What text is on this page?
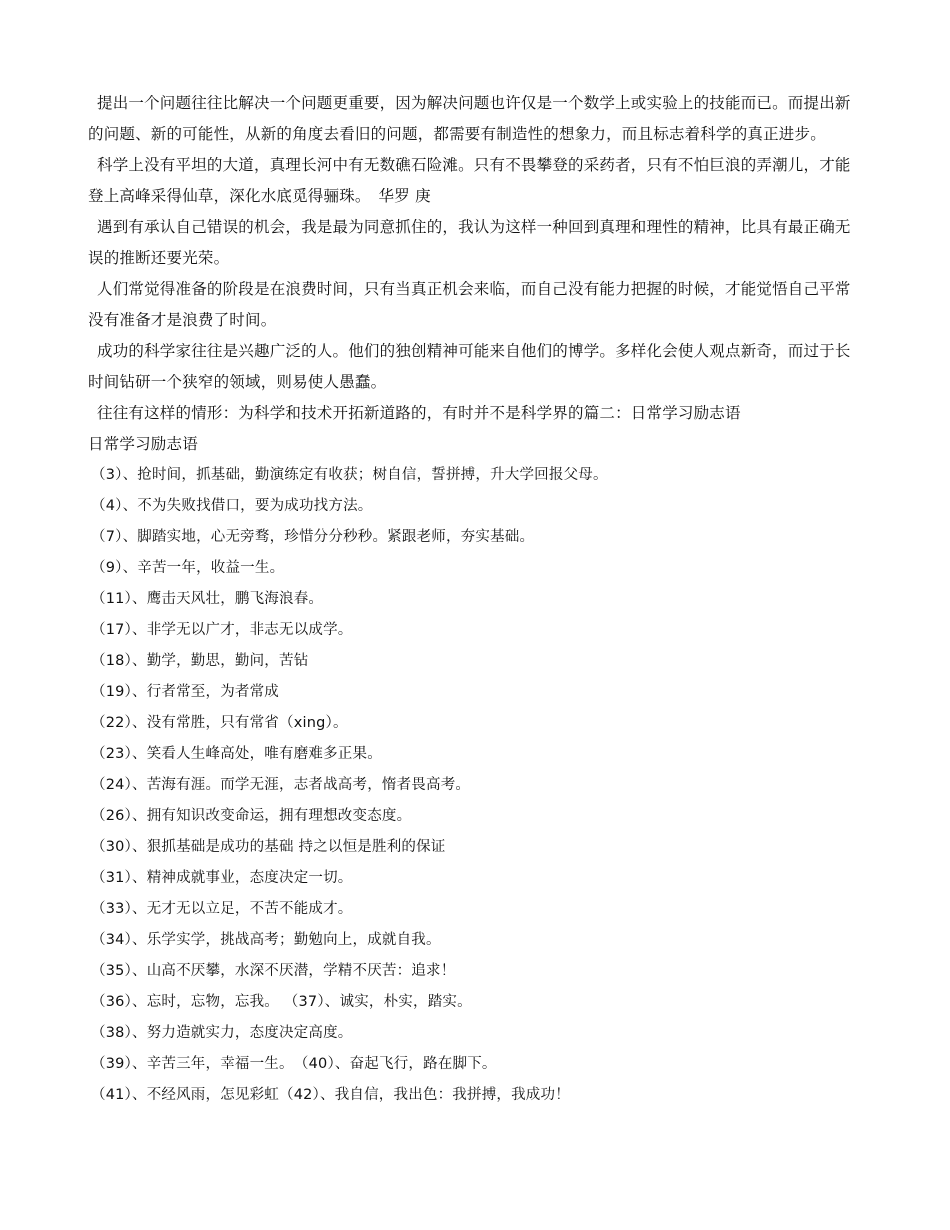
提出一个问题往往比解决一个问题更重要，因为解决问题也许仅是一个数学上或实验上的技能而已。而提出新的问题、新的可能性，从新的角度去看旧的问题，都需要有制造性的想象力，而且标志着科学的真正进步。

科学上没有平坦的大道，真理长河中有无数礁石险滩。只有不畏攀登的采药者，只有不怕巨浪的弄潮儿，才能登上高峰采得仙草，深化水底觅得骊珠。　华罗 庚

遇到有承认自己错误的机会，我是最为同意抓住的，我认为这样一种回到真理和理性的精神，比具有最正确无误的推断还要光荣。

人们常觉得准备的阶段是在浪费时间，只有当真正机会来临，而自己没有能力把握的时候，才能觉悟自己平常没有准备才是浪费了时间。

成功的科学家往往是兴趣广泛的人。他们的独创精神可能来自他们的博学。多样化会使人观点新奇，而过于长时间钻研一个狭窄的领域，则易使人愚蠢。

往往有这样的情形：为科学和技术开拓新道路的，有时并不是科学界的篇二：日常学习励志语

日常学习励志语

（3）、抢时间，抓基础，勤演练定有收获；树自信，誓拼搏，升大学回报父母。
（4）、不为失败找借口，要为成功找方法。
（7）、脚踏实地，心无旁骛，珍惜分分秒秒。紧跟老师，夯实基础。
（9）、辛苦一年，收益一生。
（11）、鹰击天风壮，鹏飞海浪春。
（17）、非学无以广才，非志无以成学。
（18）、勤学，勤思，勤问，苦钻
（19）、行者常至，为者常成
（22）、没有常胜，只有常省（xing）。
（23）、笑看人生峰高处，唯有磨难多正果。
（24）、苦海有涯。而学无涯，志者战高考，惰者畏高考。
（26）、拥有知识改变命运，拥有理想改变态度。
（30）、狠抓基础是成功的基础 持之以恒是胜利的保证
（31）、精神成就事业，态度决定一切。
（33）、无才无以立足，不苦不能成才。
（34）、乐学实学，挑战高考；勤勉向上，成就自我。
（35）、山高不厌攀，水深不厌潜，学精不厌苦：追求！
（36）、忘时，忘物，忘我。 （37）、诚实，朴实，踏实。
（38）、努力造就实力，态度决定高度。
（39）、辛苦三年，幸福一生。　（40）、奋起飞行，路在脚下。
（41）、不经风雨，怎见彩虹（42）、我自信，我出色：我拼搏，我成功！
